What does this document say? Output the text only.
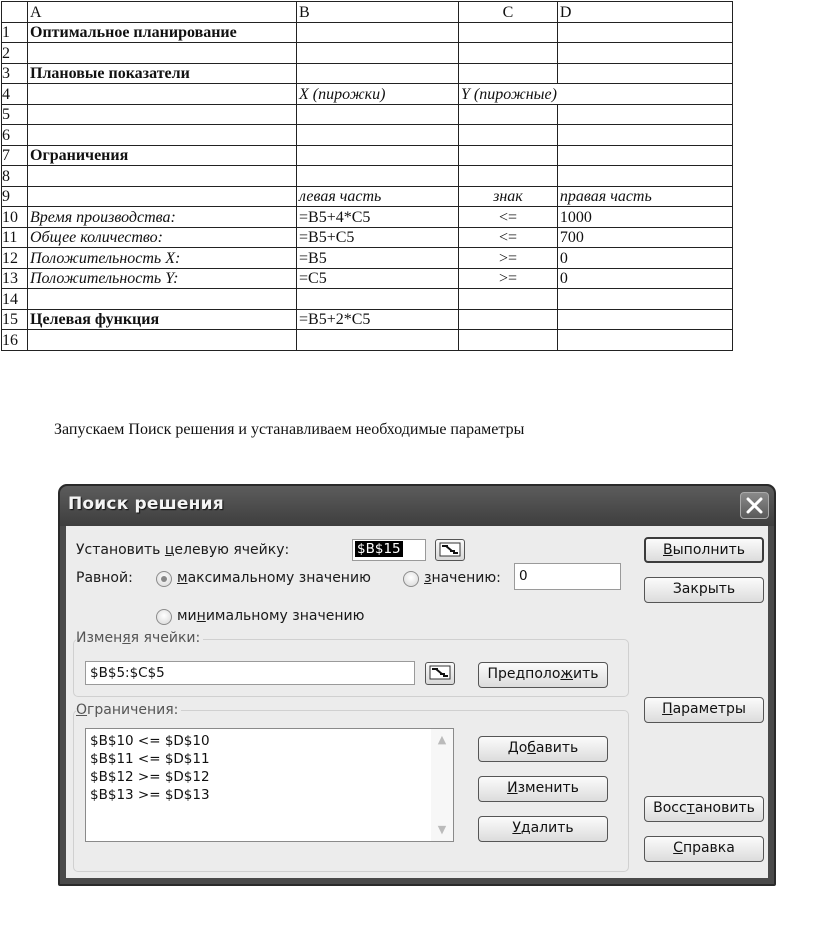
	A	B	C	D
1	Оптимальное планирование			
2				
3	Плановые показатели			
4		X (пирожки)	Y (пирожные)	
5				
6				
7	Ограничения			
8				
9		левая часть	знак	правая часть
10	Время производства:	=B5+4*C5	<=	1000
11	Общее количество:	=B5+C5	<=	700
12	Положительность X:	=B5	>=	0
13	Положительность Y:	=C5	>=	0
14				
15	Целевая функция	=B5+2*C5		
16				
Запускаем Поиск решения и устанавливаем необходимые параметры
Поиск решения
Установить целевую ячейку:	$B$15
Равной:	максимальному значению	значению:	0
минимальному значению
Изменяя ячейки:
$B$5:$C$5	Предположить
Ограничения:
$B$10 <= $D$10
$B$11 <= $D$11
$B$12 >= $D$12
$B$13 >= $D$13
▲
▼
Добавить
Изменить
Удалить
Выполнить
Закрыть
Параметры
Восстановить
Справка
